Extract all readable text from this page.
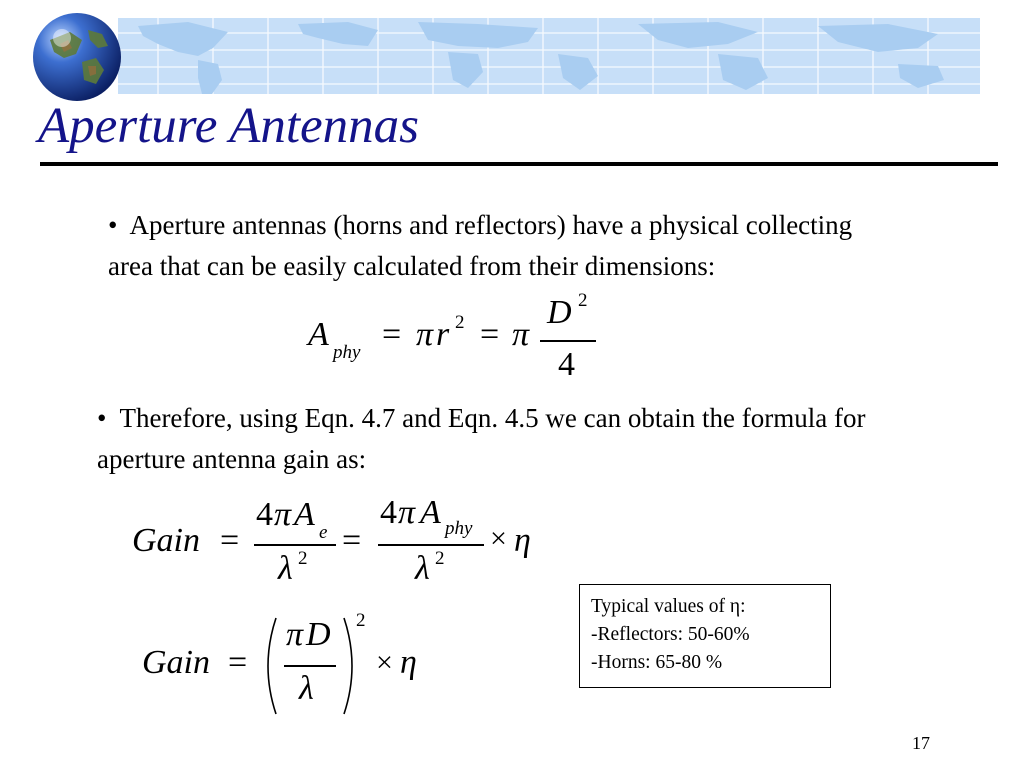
Aperture Antennas
• Aperture antennas (horns and reflectors) have a physical collecting area that can be easily calculated from their dimensions:
A phy = π r 2 = π
D 2
4
• Therefore, using Eqn. 4.7 and Eqn. 4.5 we can obtain the formula for aperture antenna gain as:
Gain =
4 π A e
λ 2 =
4 π A phy
λ 2
× η
Gain =
π D
λ
2
× η
Typical values of η:
-Reflectors: 50-60%
-Horns: 65-80 %
17
